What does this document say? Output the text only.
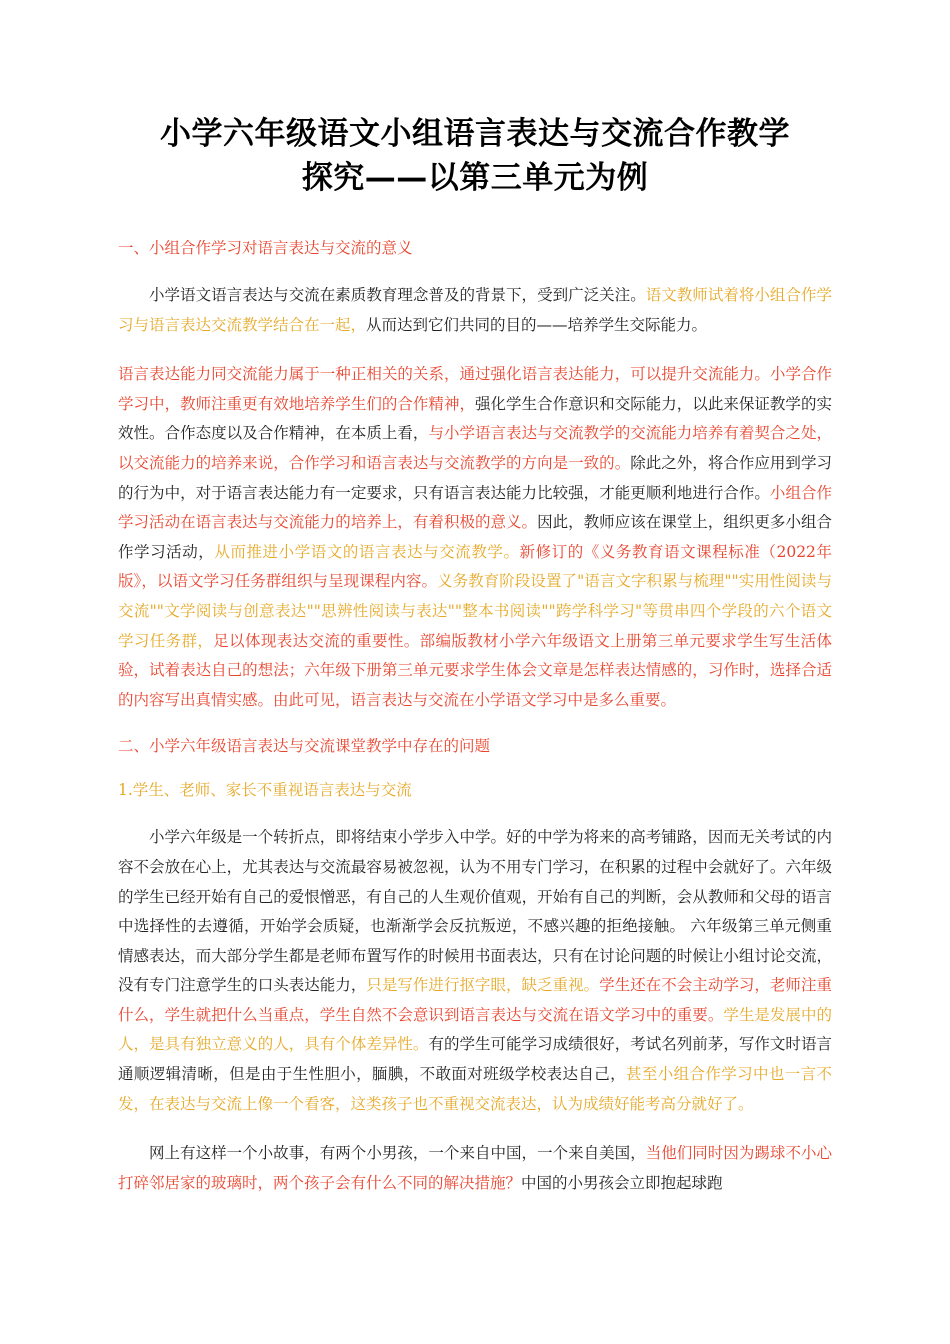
小学六年级语文小组语言表达与交流合作教学
探究——以第三单元为例
一、小组合作学习对语言表达与交流的意义

小学语文语言表达与交流在素质教育理念普及的背景下，受到广泛关注。语文教师试着将小组合作学习与语言表达交流教学结合在一起，从而达到它们共同的目的——培养学生交际能力。

语言表达能力同交流能力属于一种正相关的关系，通过强化语言表达能力，可以提升交流能力。小学合作学习中，教师注重更有效地培养学生们的合作精神，强化学生合作意识和交际能力，以此来保证教学的实效性。合作态度以及合作精神，在本质上看，与小学语言表达与交流教学的交流能力培养有着契合之处，以交流能力的培养来说，合作学习和语言表达与交流教学的方向是一致的。除此之外，将合作应用到学习的行为中，对于语言表达能力有一定要求，只有语言表达能力比较强，才能更顺利地进行合作。小组合作学习活动在语言表达与交流能力的培养上，有着积极的意义。因此，教师应该在课堂上，组织更多小组合作学习活动，从而推进小学语文的语言表达与交流教学。新修订的《义务教育语文课程标准（2022年版》，以语文学习任务群组织与呈现课程内容。义务教育阶段设置了"语言文字积累与梳理""实用性阅读与交流""文学阅读与创意表达""思辨性阅读与表达""整本书阅读""跨学科学习"等贯串四个学段的六个语文学习任务群，足以体现表达交流的重要性。部编版教材小学六年级语文上册第三单元要求学生写生活体验，试着表达自己的想法；六年级下册第三单元要求学生体会文章是怎样表达情感的，习作时，选择合适的内容写出真情实感。由此可见，语言表达与交流在小学语文学习中是多么重要。

二、小学六年级语言表达与交流课堂教学中存在的问题
1.学生、老师、家长不重视语言表达与交流

小学六年级是一个转折点，即将结束小学步入中学。好的中学为将来的高考铺路，因而无关考试的内容不会放在心上，尤其表达与交流最容易被忽视，认为不用专门学习，在积累的过程中会就好了。六年级的学生已经开始有自己的爱恨憎恶，有自己的人生观价值观，开始有自己的判断，会从教师和父母的语言中选择性的去遵循，开始学会质疑，也渐渐学会反抗叛逆，不感兴趣的拒绝接触。 六年级第三单元侧重情感表达，而大部分学生都是老师布置写作的时候用书面表达，只有在讨论问题的时候让小组讨论交流，没有专门注意学生的口头表达能力，只是写作进行抠字眼，缺乏重视。学生还在不会主动学习，老师注重什么，学生就把什么当重点，学生自然不会意识到语言表达与交流在语文学习中的重要。学生是发展中的人，是具有独立意义的人，具有个体差异性。有的学生可能学习成绩很好，考试名列前茅，写作文时语言通顺逻辑清晰，但是由于生性胆小，腼腆，不敢面对班级学校表达自己，甚至小组合作学习中也一言不发，在表达与交流上像一个看客，这类孩子也不重视交流表达，认为成绩好能考高分就好了。

网上有这样一个小故事，有两个小男孩，一个来自中国，一个来自美国，当他们同时因为踢球不小心打碎邻居家的玻璃时，两个孩子会有什么不同的解决措施？中国的小男孩会立即抱起球跑
